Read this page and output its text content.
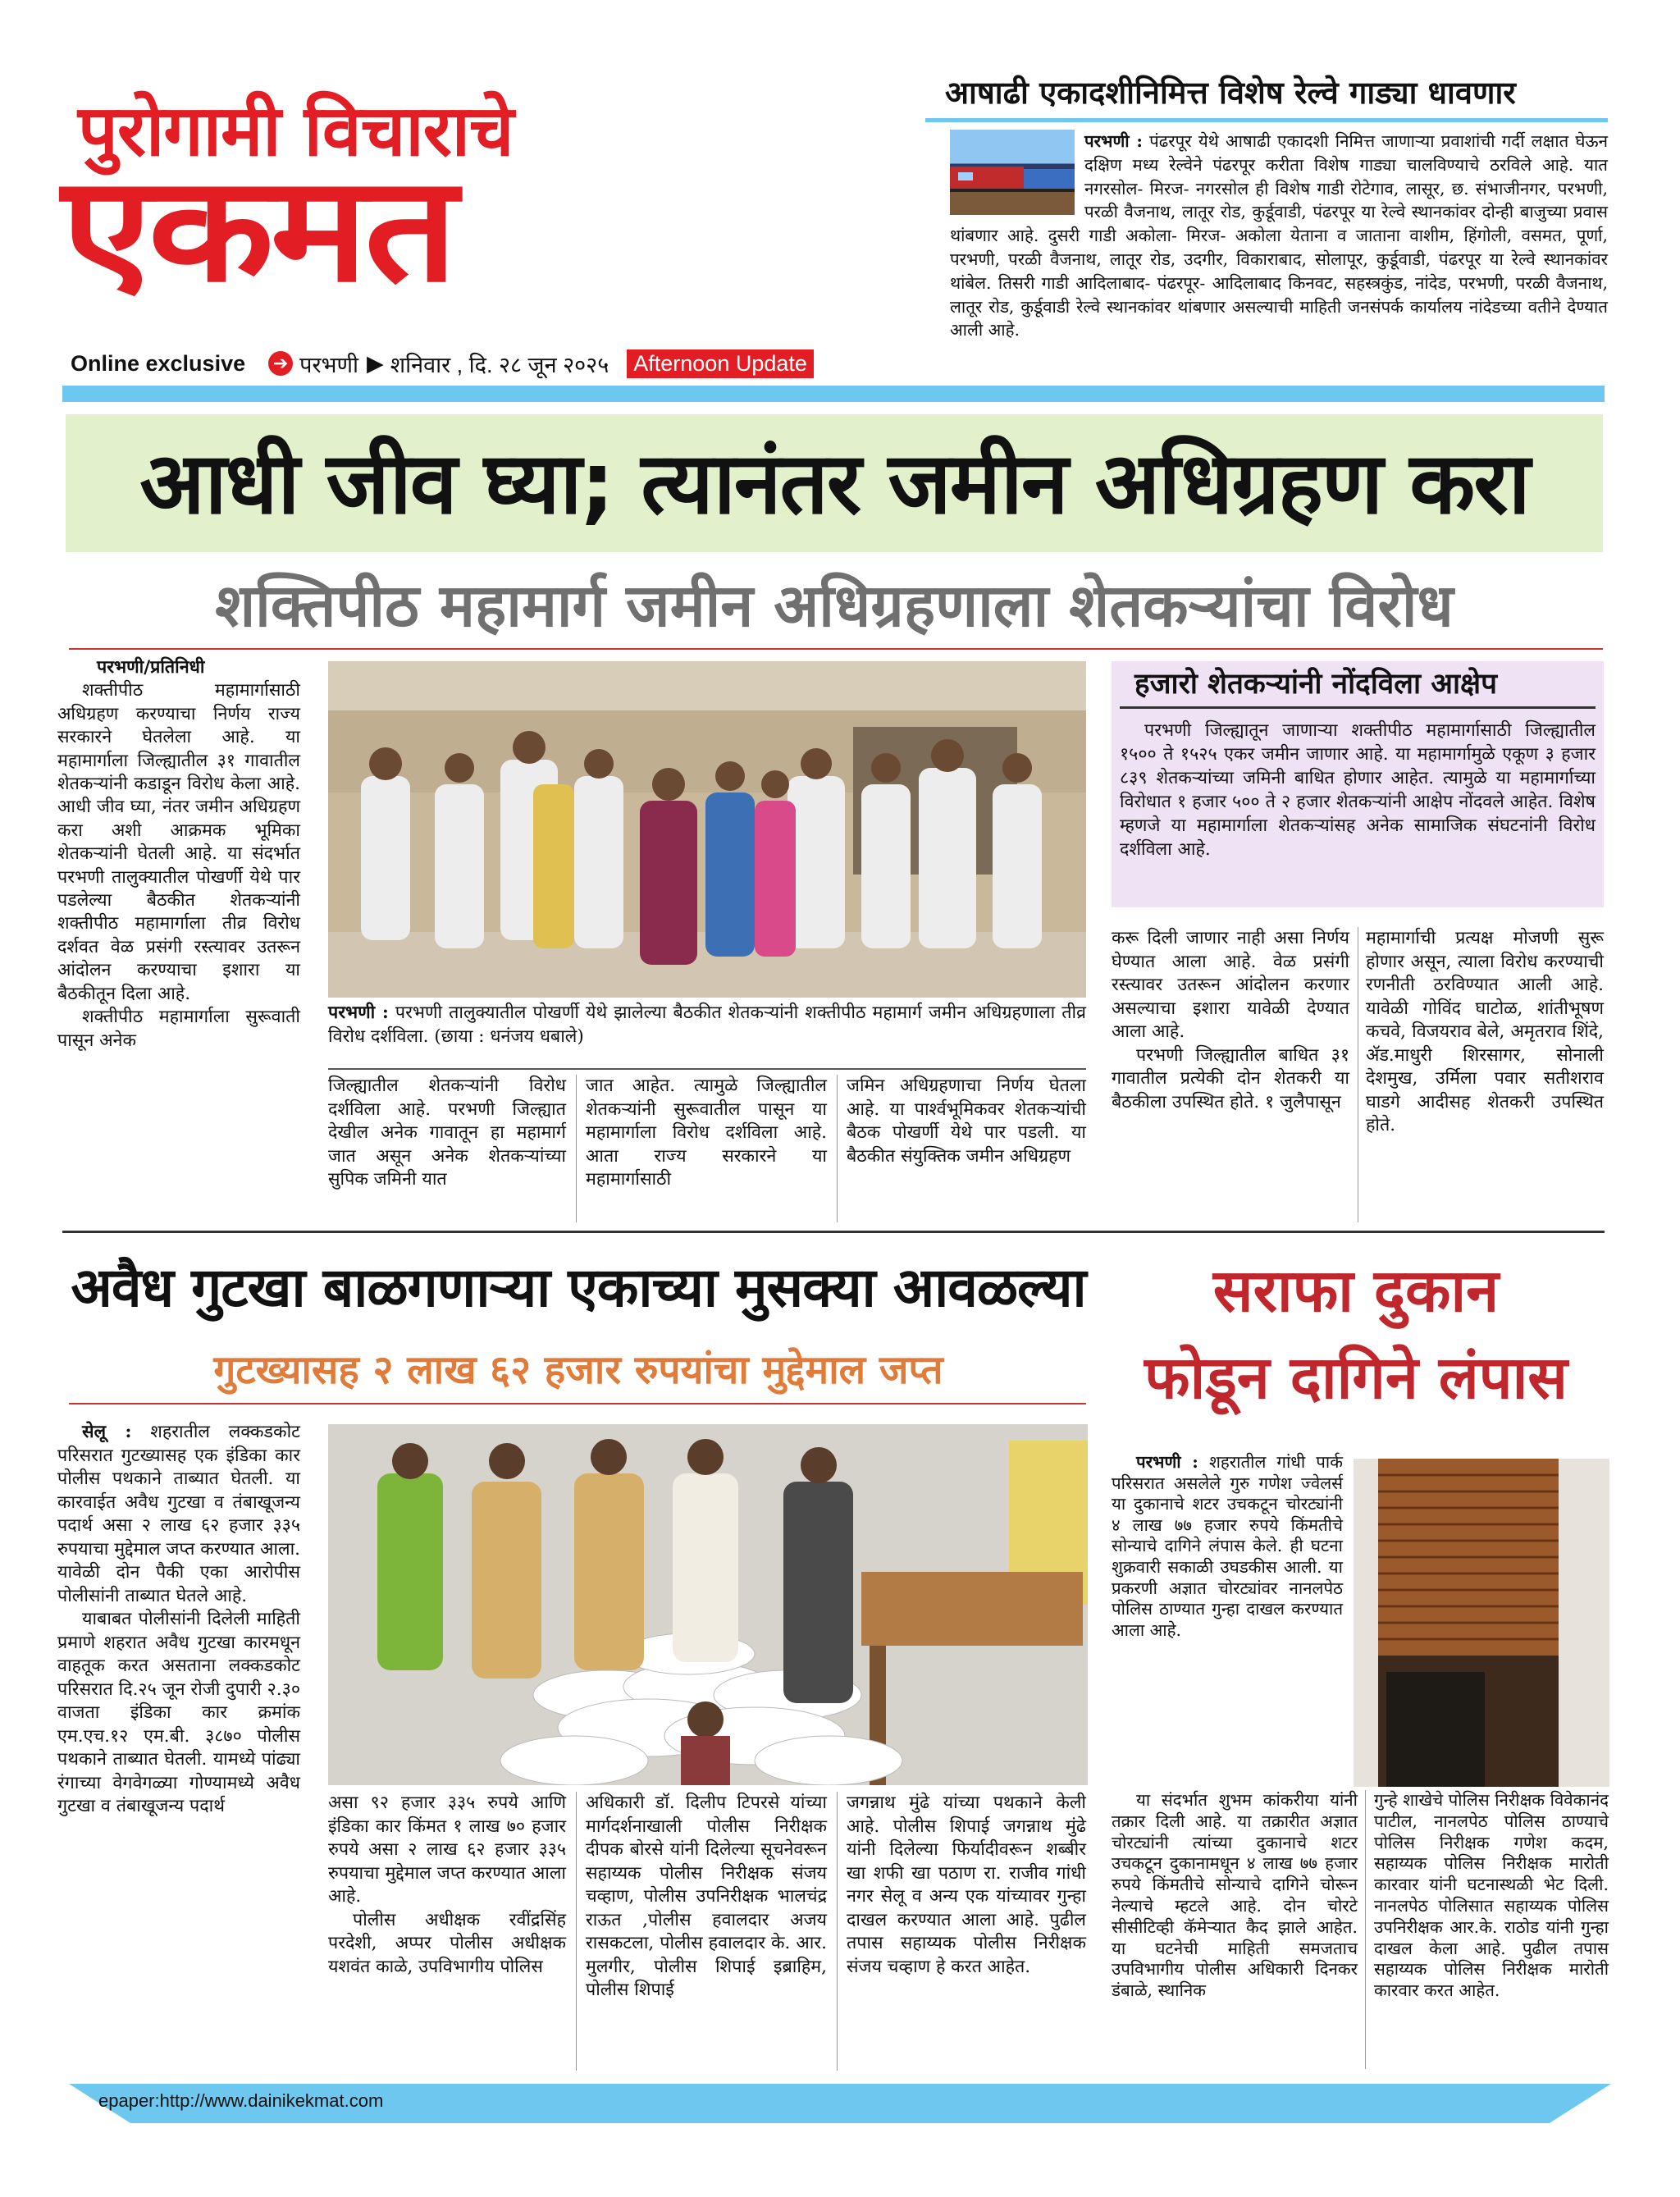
पुरोगामी विचाराचे
एकमत
Online exclusive ➔ परभणी ▶ शनिवार , दि. २८ जून २०२५ Afternoon Update
आषाढी एकादशीनिमित्त विशेष रेल्वे गाड्या धावणार
परभणी : पंढरपूर येथे आषाढी एकादशी निमित्त जाणाऱ्या प्रवाशांची गर्दी लक्षात घेऊन दक्षिण मध्य रेल्वेने पंढरपूर करीता विशेष गाड्या चालविण्याचे ठरविले आहे. यात नगरसोल- मिरज- नगरसोल ही विशेष गाडी रोटेगाव, लासूर, छ. संभाजीनगर, परभणी, परळी वैजनाथ, लातूर रोड, कुर्डूवाडी, पंढरपूर या रेल्वे स्थानकांवर दोन्ही बाजुच्या प्रवास थांबणार आहे. दुसरी गाडी अकोला- मिरज- अकोला येताना व जाताना वाशीम, हिंगोली, वसमत, पूर्णा, परभणी, परळी वैजनाथ, लातूर रोड, उदगीर, विकाराबाद, सोलापूर, कुर्डूवाडी, पंढरपूर या रेल्वे स्थानकांवर थांबेल. तिसरी गाडी आदिलाबाद- पंढरपूर- आदिलाबाद किनवट, सहस्त्रकुंड, नांदेड, परभणी, परळी वैजनाथ, लातूर रोड, कुर्डूवाडी रेल्वे स्थानकांवर थांबणार असल्याची माहिती जनसंपर्क कार्यालय नांदेडच्या वतीने देण्यात आली आहे.
आधी जीव घ्या; त्यानंतर जमीन अधिग्रहण करा
शक्तिपीठ महामार्ग जमीन अधिग्रहणाला शेतकऱ्यांचा विरोध

परभणी/प्रतिनिधी

शक्तीपीठ महामार्गासाठी अधिग्रहण करण्याचा निर्णय राज्य सरकारने घेतलेला आहे. या महामार्गाला जिल्ह्यातील ३१ गावातील शेतकऱ्यांनी कडाडून विरोध केला आहे. आधी जीव घ्या, नंतर जमीन अधिग्रहण करा अशी आक्रमक भूमिका शेतकऱ्यांनी घेतली आहे. या संदर्भात परभणी तालुक्यातील पोखर्णी येथे पार पडलेल्या बैठकीत शेतकऱ्यांनी शक्तीपीठ महामार्गाला तीव्र विरोध दर्शवत वेळ प्रसंगी रस्त्यावर उतरून आंदोलन करण्याचा इशारा या बैठकीतून दिला आहे.

शक्तीपीठ महामार्गाला सुरूवाती पासून अनेक

परभणी : परभणी तालुक्यातील पोखर्णी येथे झालेल्या बैठकीत शेतकऱ्यांनी शक्तीपीठ महामार्ग जमीन अधिग्रहणाला तीव्र विरोध दर्शविला. (छाया : धनंजय धबाले)

जिल्ह्यातील शेतकऱ्यांनी विरोध दर्शविला आहे. परभणी जिल्ह्यात देखील अनेक गावातून हा महामार्ग जात असून अनेक शेतकऱ्यांच्या सुपिक जमिनी यात

जात आहेत. त्यामुळे जिल्ह्यातील शेतकऱ्यांनी सुरूवातील पासून या महामार्गाला विरोध दर्शविला आहे. आता राज्य सरकारने या महामार्गासाठी

जमिन अधिग्रहणाचा निर्णय घेतला आहे. या पार्श्वभूमिकवर शेतकऱ्यांची बैठक पोखर्णी येथे पार पडली. या बैठकीत संयुक्तिक जमीन अधिग्रहण

हजारो शेतकऱ्यांनी नोंदविला आक्षेप

परभणी जिल्ह्यातून जाणाऱ्या शक्तीपीठ महामार्गासाठी जिल्ह्यातील १५०० ते १५२५ एकर जमीन जाणार आहे. या महामार्गामुळे एकूण ३ हजार ८३९ शेतकऱ्यांच्या जमिनी बाधित होणार आहेत. त्यामुळे या महामार्गाच्या विरोधात १ हजार ५०० ते २ हजार शेतकऱ्यांनी आक्षेप नोंदवले आहेत. विशेष म्हणजे या महामार्गाला शेतकऱ्यांसह अनेक सामाजिक संघटनांनी विरोध दर्शविला आहे.

करू दिली जाणार नाही असा निर्णय घेण्यात आला आहे. वेळ प्रसंगी रस्त्यावर उतरून आंदोलन करणार असल्याचा इशारा यावेळी देण्यात आला आहे.

परभणी जिल्ह्यातील बाधित ३१ गावातील प्रत्येकी दोन शेतकरी या बैठकीला उपस्थित होते. १ जुलैपासून

महामार्गाची प्रत्यक्ष मोजणी सुरू होणार असून, त्याला विरोध करण्याची रणनीती ठरविण्यात आली आहे. यावेळी गोविंद घाटोळ, शांतीभूषण कचवे, विजयराव बेले, अमृतराव शिंदे, ॲड.माधुरी शिरसागर, सोनाली देशमुख, उर्मिला पवार सतीशराव घाडगे आदीसह शेतकरी उपस्थित होते.

अवैध गुटखा बाळगणाऱ्या एकाच्या मुसक्या आवळल्या
गुटख्यासह २ लाख ६२ हजार रुपयांचा मुद्देमाल जप्त

सेलू : शहरातील लक्कडकोट परिसरात गुटख्यासह एक इंडिका कार पोलीस पथकाने ताब्यात घेतली. या कारवाईत अवैध गुटखा व तंबाखूजन्य पदार्थ असा २ लाख ६२ हजार ३३५ रुपयाचा मुद्देमाल जप्त करण्यात आला. यावेळी दोन पैकी एका आरोपीस पोलीसांनी ताब्यात घेतले आहे.

याबाबत पोलीसांनी दिलेली माहिती प्रमाणे शहरात अवैध गुटखा कारमधून वाहतूक करत असताना लक्कडकोट परिसरात दि.२५ जून रोजी दुपारी २.३० वाजता इंडिका कार क्रमांक एम.एच.१२ एम.बी. ३८७० पोलीस पथकाने ताब्यात घेतली. यामध्ये पांढ्या रंगाच्या वेगवेगळ्या गोण्यामध्ये अवैध गुटखा व तंबाखूजन्य पदार्थ	असा ९२ हजार ३३५ रुपये आणि इंडिका कार किंमत १ लाख ७० हजार रुपये असा २ लाख ६२ हजार ३३५ रुपयाचा मुद्देमाल जप्त करण्यात आला आहे.

पोलीस अधीक्षक रवींद्रसिंह परदेशी, अप्पर पोलीस अधीक्षक यशवंत काळे, उपविभागीय पोलिस

अधिकारी डॉ. दिलीप टिपरसे यांच्या मार्गदर्शनाखाली पोलीस निरीक्षक दीपक बोरसे यांनी दिलेल्या सूचनेवरून सहाय्यक पोलीस निरीक्षक संजय चव्हाण, पोलीस उपनिरीक्षक भालचंद्र राऊत ,पोलीस हवालदार अजय रासकटला, पोलीस हवालदार के. आर. मुलगीर, पोलीस शिपाई इब्राहिम, पोलीस शिपाई

जगन्नाथ मुंढे यांच्या पथकाने केली आहे. पोलीस शिपाई जगन्नाथ मुंढे यांनी दिलेल्या फिर्यादीवरून शब्बीर खा शफी खा पठाण रा. राजीव गांधी नगर सेलू व अन्य एक यांच्यावर गुन्हा दाखल करण्यात आला आहे. पुढील तपास सहाय्यक पोलीस निरीक्षक संजय चव्हाण हे करत आहेत.

सराफा दुकान
फोडून दागिने लंपास

परभणी : शहरातील गांधी पार्क परिसरात असलेले गुरु गणेश ज्वेलर्स या दुकानाचे शटर उचकटून चोरट्यांनी ४ लाख ७७ हजार रुपये किंमतीचे सोन्याचे दागिने लंपास केले. ही घटना शुक्रवारी सकाळी उघडकीस आली. या प्रकरणी अज्ञात चोरट्यांवर नानलपेठ पोलिस ठाण्यात गुन्हा दाखल करण्यात आला आहे.

या संदर्भात शुभम कांकरीया यांनी तक्रार दिली आहे. या तक्रारीत अज्ञात चोरट्यांनी त्यांच्या दुकानाचे शटर उचकटून दुकानामधून ४ लाख ७७ हजार रुपये किंमतीचे सोन्याचे दागिने चोरून नेल्याचे म्हटले आहे. दोन चोरटे सीसीटिव्ही कॅमेऱ्यात कैद झाले आहेत. या घटनेची माहिती समजताच उपविभागीय पोलीस अधिकारी दिनकर डंबाळे, स्थानिक

गुन्हे शाखेचे पोलिस निरीक्षक विवेकानंद पाटील, नानलपेठ पोलिस ठाण्याचे पोलिस निरीक्षक गणेश कदम, सहाय्यक पोलिस निरीक्षक मारोती कारवार यांनी घटनास्थळी भेट दिली. नानलपेठ पोलिसात सहाय्यक पोलिस उपनिरीक्षक आर.के. राठोड यांनी गुन्हा दाखल केला आहे. पुढील तपास सहाय्यक पोलिस निरीक्षक मारोती कारवार करत आहेत.

epaper:http://www.dainikekmat.com
